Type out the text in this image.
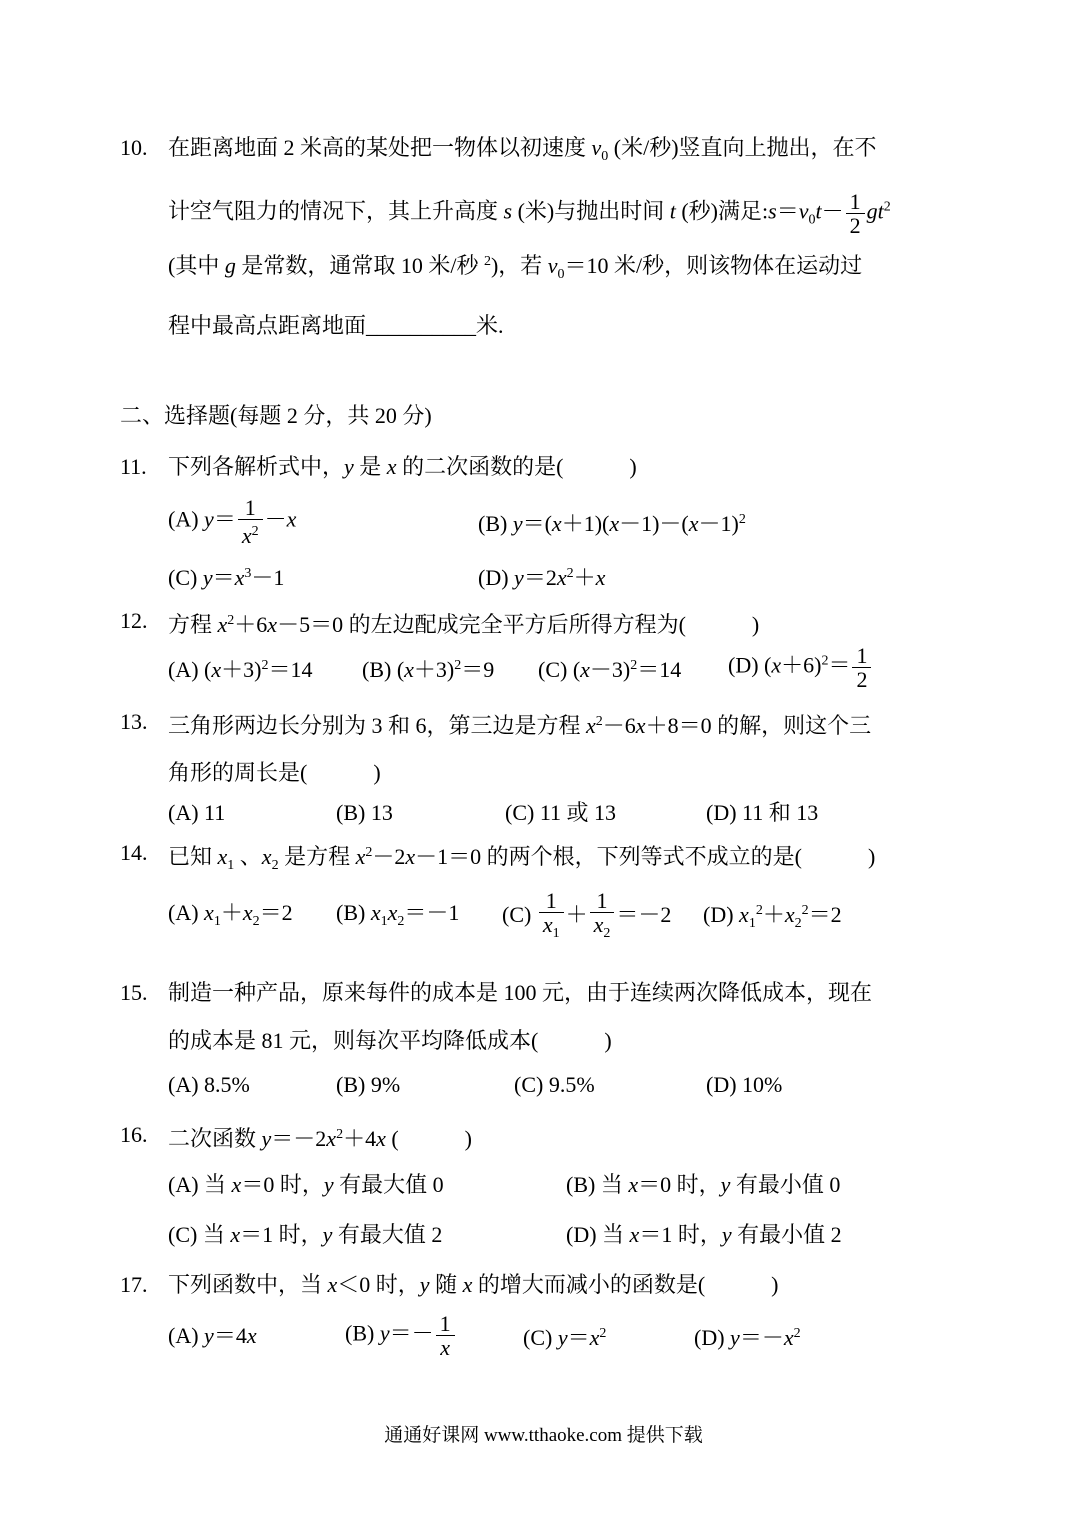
10. 在距离地面 2 米高的某处把一物体以初速度 $v_0$ (米/秒)竖直向上抛出，在不
计空气阻力的情况下，其上升高度 s (米)与抛出时间 t (秒)满足$:s=v_0t- \frac{1}{2} gt^2$
(其中 g 是常数，通常取 10 米/秒 $^2$)，若 $v_0=10$ 米/秒，则该物体在运动过
程中最高点距离地面__________米.
二、选择题(每题 2 分，共 20 分)
11. 下列各解析式中，y 是 x 的二次函数的是(            )
(A) $y= \frac{1}{x^2} -x$	(B) $y=(x+1)(x-1)-(x-1)^2$
(C) $y=x^3-1$	(D) $y=2x^2+x$
12. 方程 $x^2+6x-5=0$ 的左边配成完全平方后所得方程为(            )
(A) $(x+3)^2=14$	(B) $(x+3)^2=9$	(C) $(x-3)^2=14$	(D) $(x+6)^2= \frac{1}{2}$
13. 三角形两边长分别为 3 和 6，第三边是方程 $x^2-6x+8=0$ 的解，则这个三
角形的周长是(            )
(A) 11	(B) 13	(C) 11 或 13	(D) 11 和 13
14. 已知 $x_1$ 、$x_2$ 是方程 $x^2-2x-1=0$ 的两个根，下列等式不成立的是(            )
(A) $x_1+x_2=2$	(B) $x_1x_2=-1$	$(C) \frac{1}{x_1} + \frac{1}{x_2} =-2$	(D) $x_1^2+x_2^2=2$
15. 制造一种产品，原来每件的成本是 100 元，由于连续两次降低成本，现在
的成本是 81 元，则每次平均降低成本(            )
(A) 8.5%	(B) 9%	(C) 9.5%	(D) 10%
16. 二次函数 $y=-2x^2+4x$ (            )
(A) 当 x＝0 时，y 有最大值 0	(B) 当 x＝0 时，y 有最小值 0
(C) 当 x＝1 时，y 有最大值 2	(D) 当 x＝1 时，y 有最小值 2
17. 下列函数中，当 x＜0 时，y 随 x 的增大而减小的函数是(            )
(A) y＝4x	(B) $y=- \frac{1}{x}$	(C) $y=x^2$	(D) $y=-x^2$
通通好课网 www.tthaoke.com 提供下载
